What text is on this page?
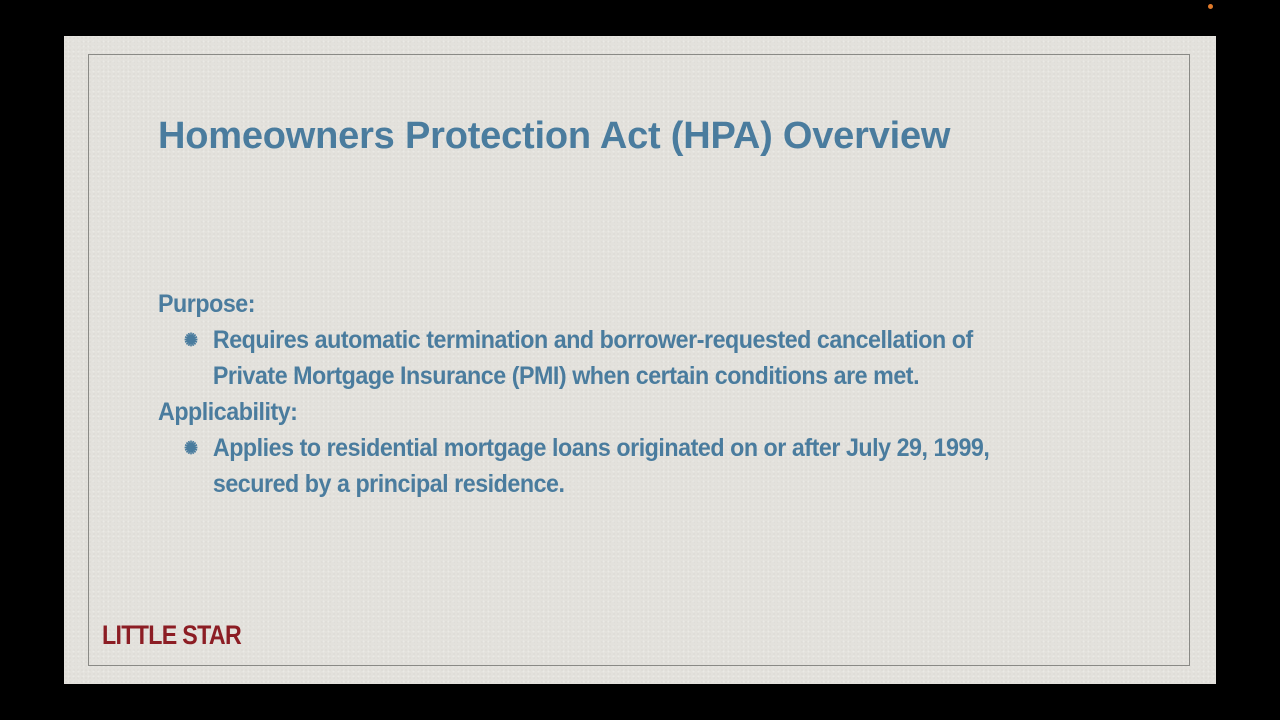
Homeowners Protection Act (HPA) Overview

Purpose:

✺ Requires automatic termination and borrower-requested cancellation of
Private Mortgage Insurance (PMI) when certain conditions are met.

Applicability:

✺ Applies to residential mortgage loans originated on or after July 29, 1999,
secured by a principal residence.
LITTLE STAR
